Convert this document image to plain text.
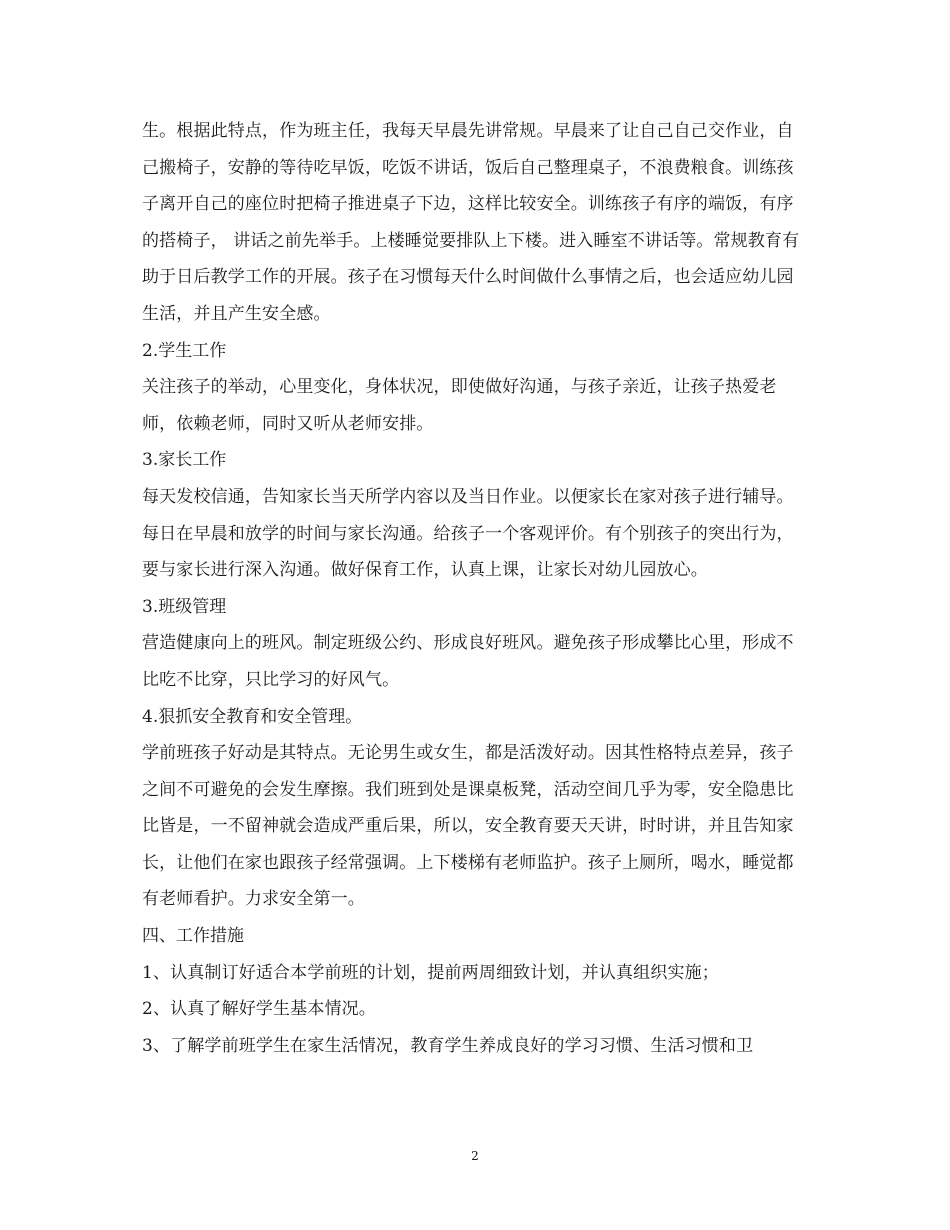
生。根据此特点，作为班主任，我每天早晨先讲常规。早晨来了让自己自己交作业，自己搬椅子，安静的等待吃早饭，吃饭不讲话，饭后自己整理桌子，不浪费粮食。训练孩子离开自己的座位时把椅子推进桌子下边，这样比较安全。训练孩子有序的端饭，有序的搭椅子， 讲话之前先举手。上楼睡觉要排队上下楼。进入睡室不讲话等。常规教育有助于日后教学工作的开展。孩子在习惯每天什么时间做什么事情之后，也会适应幼儿园生活，并且产生安全感。

2.学生工作

关注孩子的举动，心里变化，身体状况，即使做好沟通，与孩子亲近，让孩子热爱老师，依赖老师，同时又听从老师安排。

3.家长工作

每天发校信通，告知家长当天所学内容以及当日作业。以便家长在家对孩子进行辅导。每日在早晨和放学的时间与家长沟通。给孩子一个客观评价。有个别孩子的突出行为，要与家长进行深入沟通。做好保育工作，认真上课，让家长对幼儿园放心。

3.班级管理

营造健康向上的班风。制定班级公约、形成良好班风。避免孩子形成攀比心里，形成不比吃不比穿，只比学习的好风气。

4.狠抓安全教育和安全管理。

学前班孩子好动是其特点。无论男生或女生，都是活泼好动。因其性格特点差异，孩子之间不可避免的会发生摩擦。我们班到处是课桌板凳，活动空间几乎为零，安全隐患比比皆是，一不留神就会造成严重后果，所以，安全教育要天天讲，时时讲，并且告知家长，让他们在家也跟孩子经常强调。上下楼梯有老师监护。孩子上厕所，喝水，睡觉都有老师看护。力求安全第一。

四、工作措施

1、认真制订好适合本学前班的计划，提前两周细致计划，并认真组织实施；

2、认真了解好学生基本情况。

3、了解学前班学生在家生活情况，教育学生养成良好的学习习惯、生活习惯和卫

2
